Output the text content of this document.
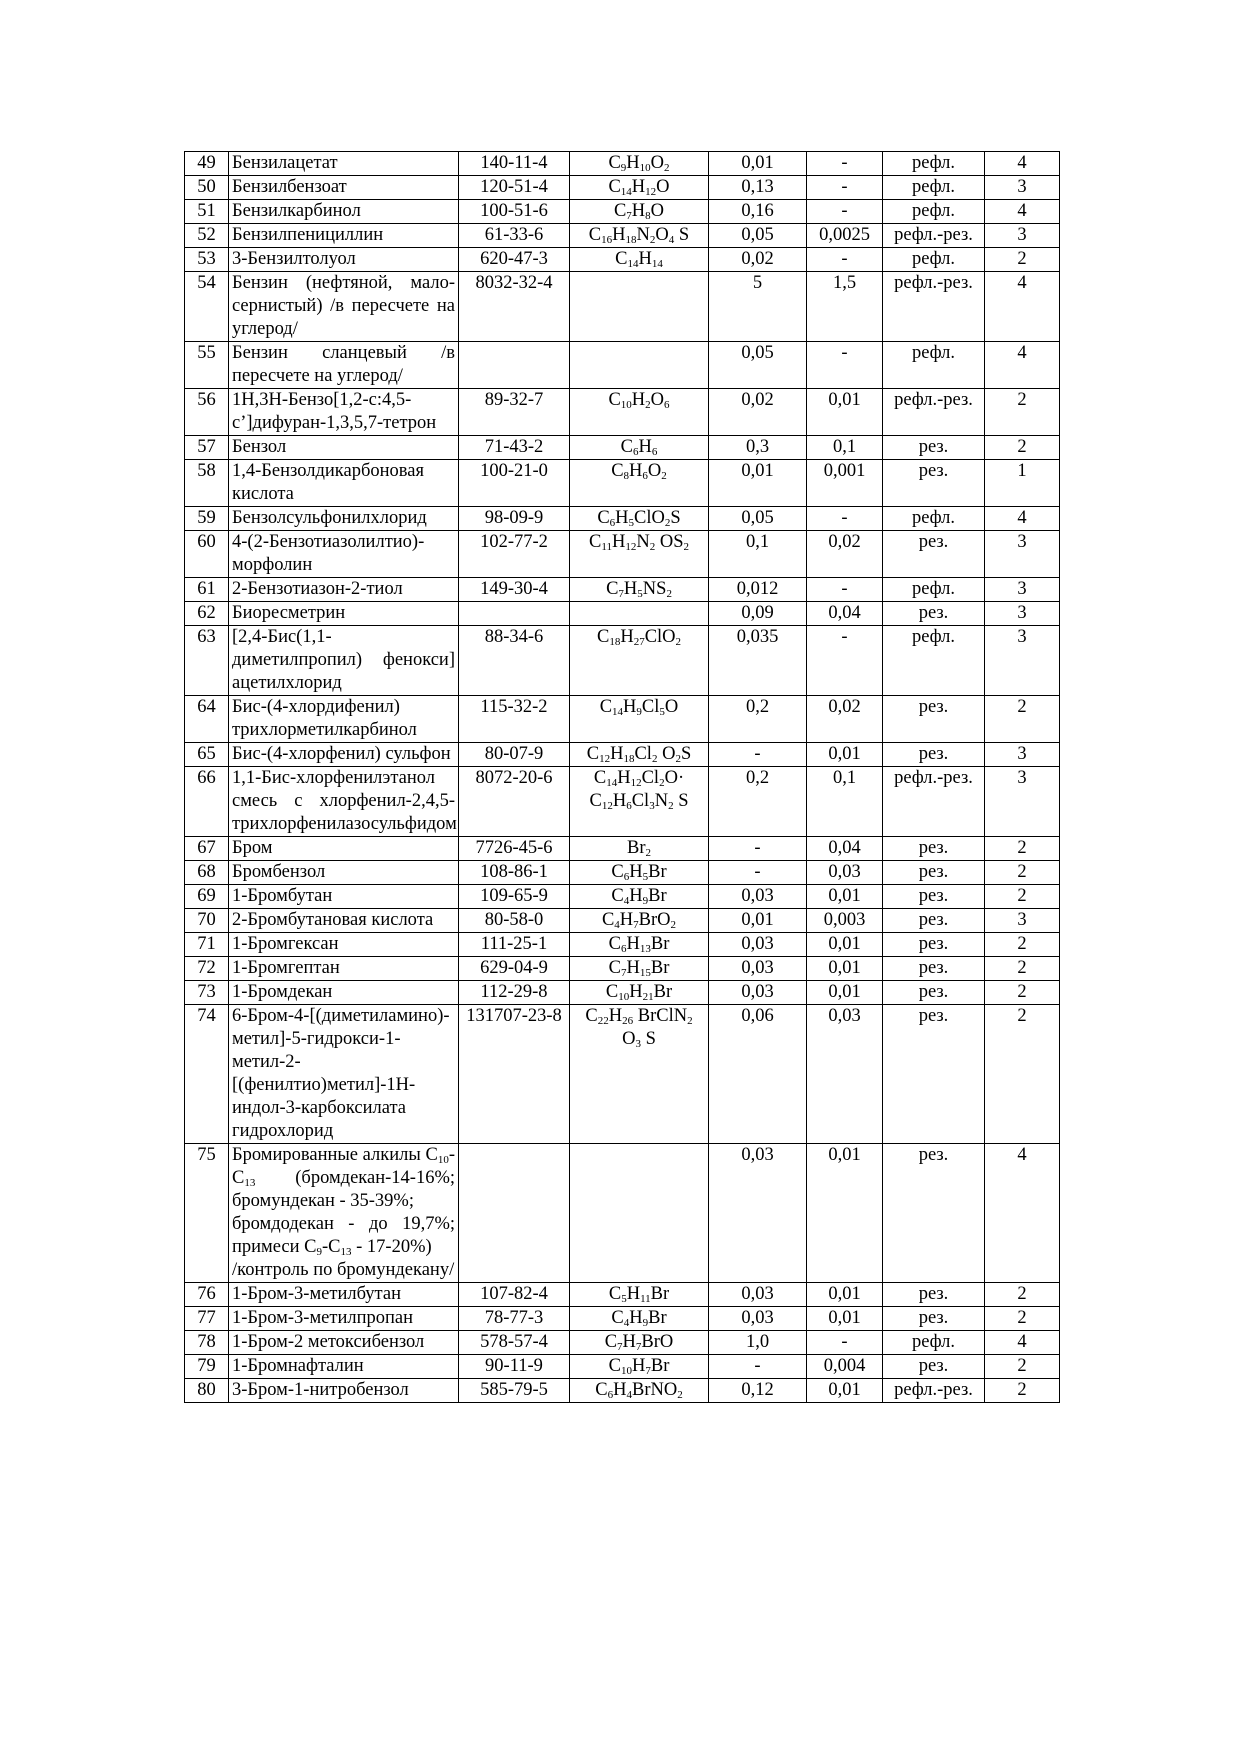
49	Бензилацетат	140-11-4	$C_9H_{10}O_2$	0,01	-	рефл.	4
50	Бензилбензоат	120-51-4	$C_{14}H_{12}O$	0,13	-	рефл.	3
51	Бензилкарбинол	100-51-6	$C_7H_8O$	0,16	-	рефл.	4
52	Бензилпенициллин	61-33-6	$C_{16}H_{18}N_2O_4$ S	0,05	0,0025	рефл.-рез.	3
53	3-Бензилтолуол	620-47-3	$C_{14}H_{14}$	0,02	-	рефл.	2
54	Бензин (нефтяной, мало-сернистый) /в пересчете на углерод/	8032-32-4		5	1,5	рефл.-рез.	4
55	Бензин сланцевый /в пересчете на углерод/			0,05	-	рефл.	4
56	1Н,3Н-Бензо[1,2-с:4,5-с’]дифуран-1,3,5,7-тетрон	89-32-7	$C_{10}H_2O_6$	0,02	0,01	рефл.-рез.	2
57	Бензол	71-43-2	$C_6H_6$	0,3	0,1	рез.	2
58	1,4-Бензолдикарбоновая кислота	100-21-0	$C_8H_6O_2$	0,01	0,001	рез.	1
59	Бензолсульфонилхлорид	98-09-9	$C_6H_5ClO_2S$	0,05	-	рефл.	4
60	4-(2-Бензотиазолилтио)-морфолин	102-77-2	$C_{11}H_{12}N_2$ $OS_2$	0,1	0,02	рез.	3
61	2-Бензотиазон-2-тиол	149-30-4	$C_7H_5NS_2$	0,012	-	рефл.	3
62	Биоресметрин			0,09	0,04	рез.	3
63	[2,4-Бис(1,1-диметилпропил) фенокси] ацетилхлорид	88-34-6	$C_{18}H_{27}ClO_2$	0,035	-	рефл.	3
64	Бис-(4-хлордифенил) трихлорметилкарбинол	115-32-2	$C_{14}H_9Cl_5O$	0,2	0,02	рез.	2
65	Бис-(4-хлорфенил) сульфон	80-07-9	$C_{12}H_{18}Cl_2$ $O_2S$	-	0,01	рез.	3
66	1,1-Бис-хлорфенилэтанол
смесь с хлорфенил-2,4,5-трихлорфенилазосульфидом	8072-20-6	$C_{14}H_{12}Cl_2O\cdot$
$C_{12}H_6Cl_3N_2$ S	0,2	0,1	рефл.-рез.	3
67	Бром	7726-45-6	$Br_2$	-	0,04	рез.	2
68	Бромбензол	108-86-1	$C_6H_5Br$	-	0,03	рез.	2
69	1-Бромбутан	109-65-9	$C_4H_9Br$	0,03	0,01	рез.	2
70	2-Бромбутановая кислота	80-58-0	$C_4H_7BrO_2$	0,01	0,003	рез.	3
71	1-Бромгексан	111-25-1	$C_6H_{13}Br$	0,03	0,01	рез.	2
72	1-Бромгептан	629-04-9	$C_7H_{15}Br$	0,03	0,01	рез.	2
73	1-Бромдекан	112-29-8	$C_{10}H_{21}Br$	0,03	0,01	рез.	2
74	6-Бром-4-[(диметиламино)-метил]-5-гидрокси-1-метил-2-[(фенилтио)метил]-1Н-индол-3-карбоксилата гидрохлорид	131707-23-8	$C_{22}H_{26}$ BrClN$_2$
$O_3$ S	0,06	0,03	рез.	2
75	Бромированные алкилы $C_{10}-C_{13}$ (бромдекан-14-16%; бромундекан - 35-39%;
бромдодекан - до 19,7%; примеси $C_9-C_{13} - 17-20\%$)
/контроль по бромундекану/			0,03	0,01	рез.	4
76	1-Бром-3-метилбутан	107-82-4	$C_5H_{11}Br$	0,03	0,01	рез.	2
77	1-Бром-3-метилпропан	78-77-3	$C_4H_9Br$	0,03	0,01	рез.	2
78	1-Бром-2 метоксибензол	578-57-4	$C_7H_7BrO$	1,0	-	рефл.	4
79	1-Бромнафталин	90-11-9	$C_{10}H_7Br$	-	0,004	рез.	2
80	3-Бром-1-нитробензол	585-79-5	$C_6H_4BrNO_2$	0,12	0,01	рефл.-рез.	2
